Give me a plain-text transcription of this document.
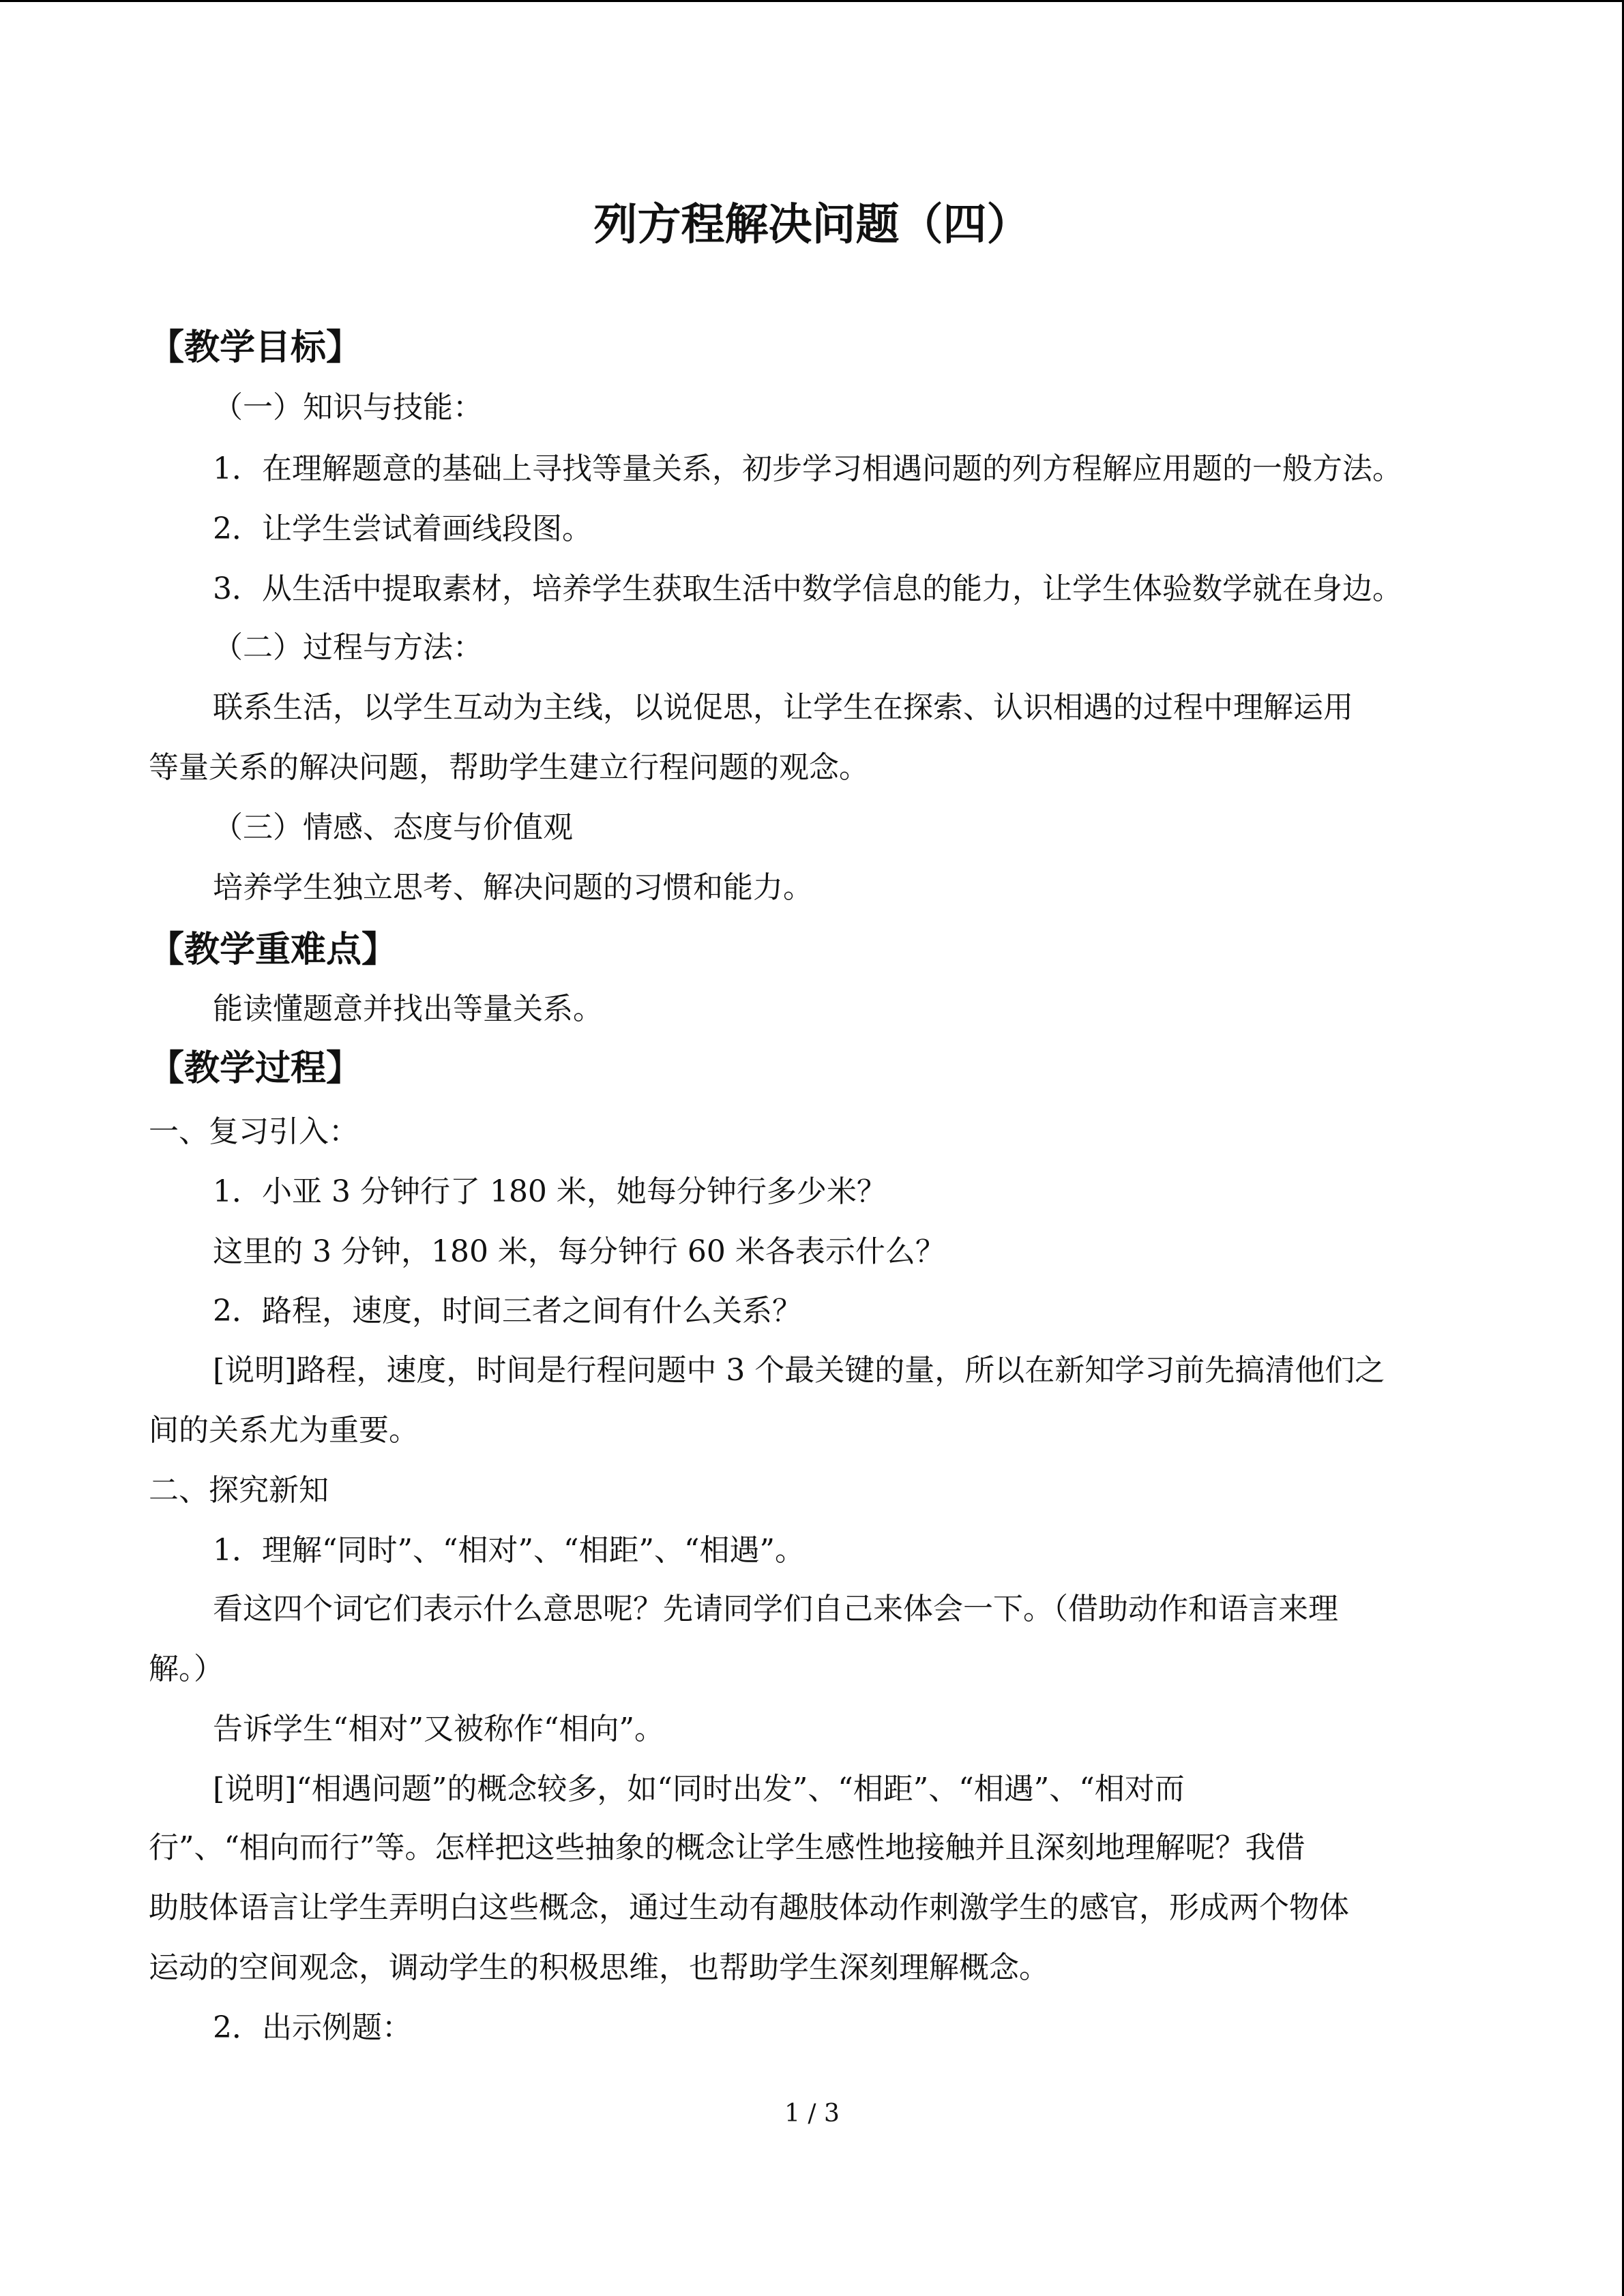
列方程解决问题（四）
【教学目标】
（一）知识与技能：
1．在理解题意的基础上寻找等量关系，初步学习相遇问题的列方程解应用题的一般方法。
2．让学生尝试着画线段图。
3．从生活中提取素材，培养学生获取生活中数学信息的能力，让学生体验数学就在身边。
（二）过程与方法：
联系生活，以学生互动为主线，以说促思，让学生在探索、认识相遇的过程中理解运用
等量关系的解决问题，帮助学生建立行程问题的观念。
（三）情感、态度与价值观
培养学生独立思考、解决问题的习惯和能力。
【教学重难点】
能读懂题意并找出等量关系。
【教学过程】
一、复习引入：
1．小亚 3 分钟行了 180 米，她每分钟行多少米？
这里的 3 分钟，180 米，每分钟行 60 米各表示什么？
2．路程，速度，时间三者之间有什么关系？
[说明]路程，速度，时间是行程问题中 3 个最关键的量，所以在新知学习前先搞清他们之
间的关系尤为重要。
二、探究新知
1．理解“同时”、“相对”、“相距”、“相遇”。
看这四个词它们表示什么意思呢？先请同学们自己来体会一下。（借助动作和语言来理
解。）
告诉学生“相对”又被称作“相向”。
[说明]“相遇问题”的概念较多，如“同时出发”、“相距”、“相遇”、“相对而
行”、“相向而行”等。怎样把这些抽象的概念让学生感性地接触并且深刻地理解呢？我借
助肢体语言让学生弄明白这些概念，通过生动有趣肢体动作刺激学生的感官，形成两个物体
运动的空间观念，调动学生的积极思维，也帮助学生深刻理解概念。
2．出示例题：
1 / 3
